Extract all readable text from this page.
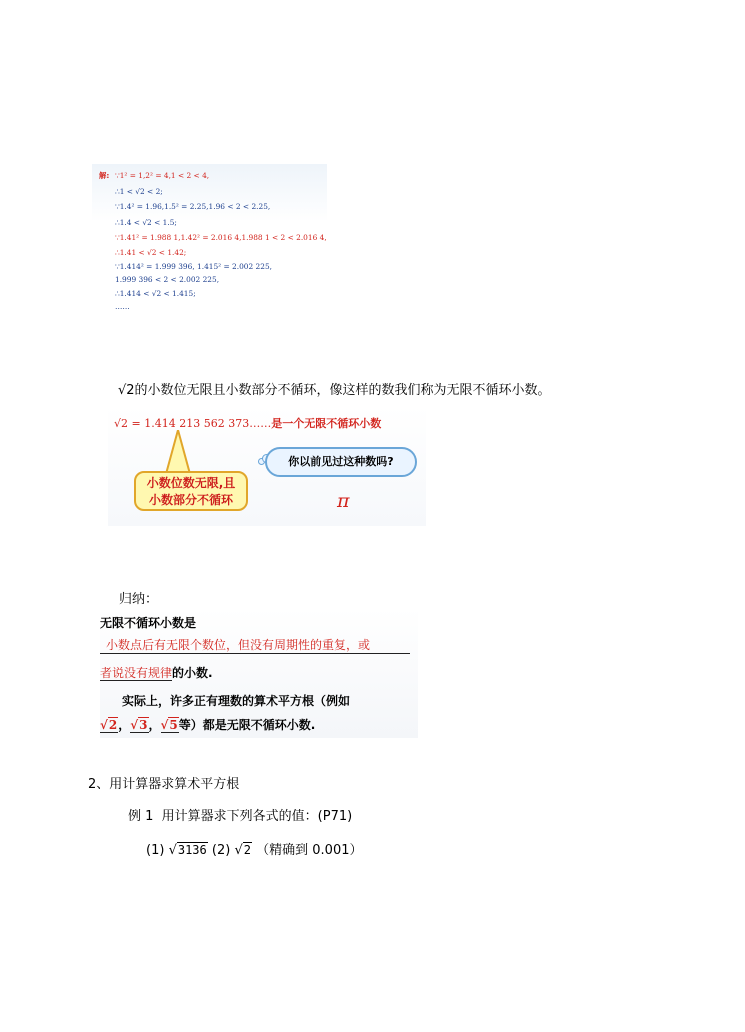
解: ∵1² = 1,2² = 4,1 < 2 < 4,
∴1 < √2 < 2;
∵1.4² = 1.96,1.5² = 2.25,1.96 < 2 < 2.25,
∴1.4 < √2 < 1.5;
∵1.41² = 1.988 1,1.42² = 2.016 4,1.988 1 < 2 < 2.016 4,
∴1.41 < √2 < 1.42;
∵1.414² = 1.999 396, 1.415² = 2.002 225,
1.999 396 < 2 < 2.002 225,
∴1.414 < √2 < 1.415;
……
√2的小数位无限且小数部分不循环，像这样的数我们称为无限不循环小数。
√2 = 1.414 213 562 373……是一个无限不循环小数
小数位数无限,且
小数部分不循环
你以前见过这种数吗?
π
归纳：
无限不循环小数是
小数点后有无限个数位，但没有周期性的重复，或
者说没有规律的小数.
实际上，许多正有理数的算术平方根（例如
√2，√3，√5等）都是无限不循环小数.
2、用计算器求算术平方根
例 1 用计算器求下列各式的值：(P71)
(1) √3136 (2) √2 （精确到 0.001）
